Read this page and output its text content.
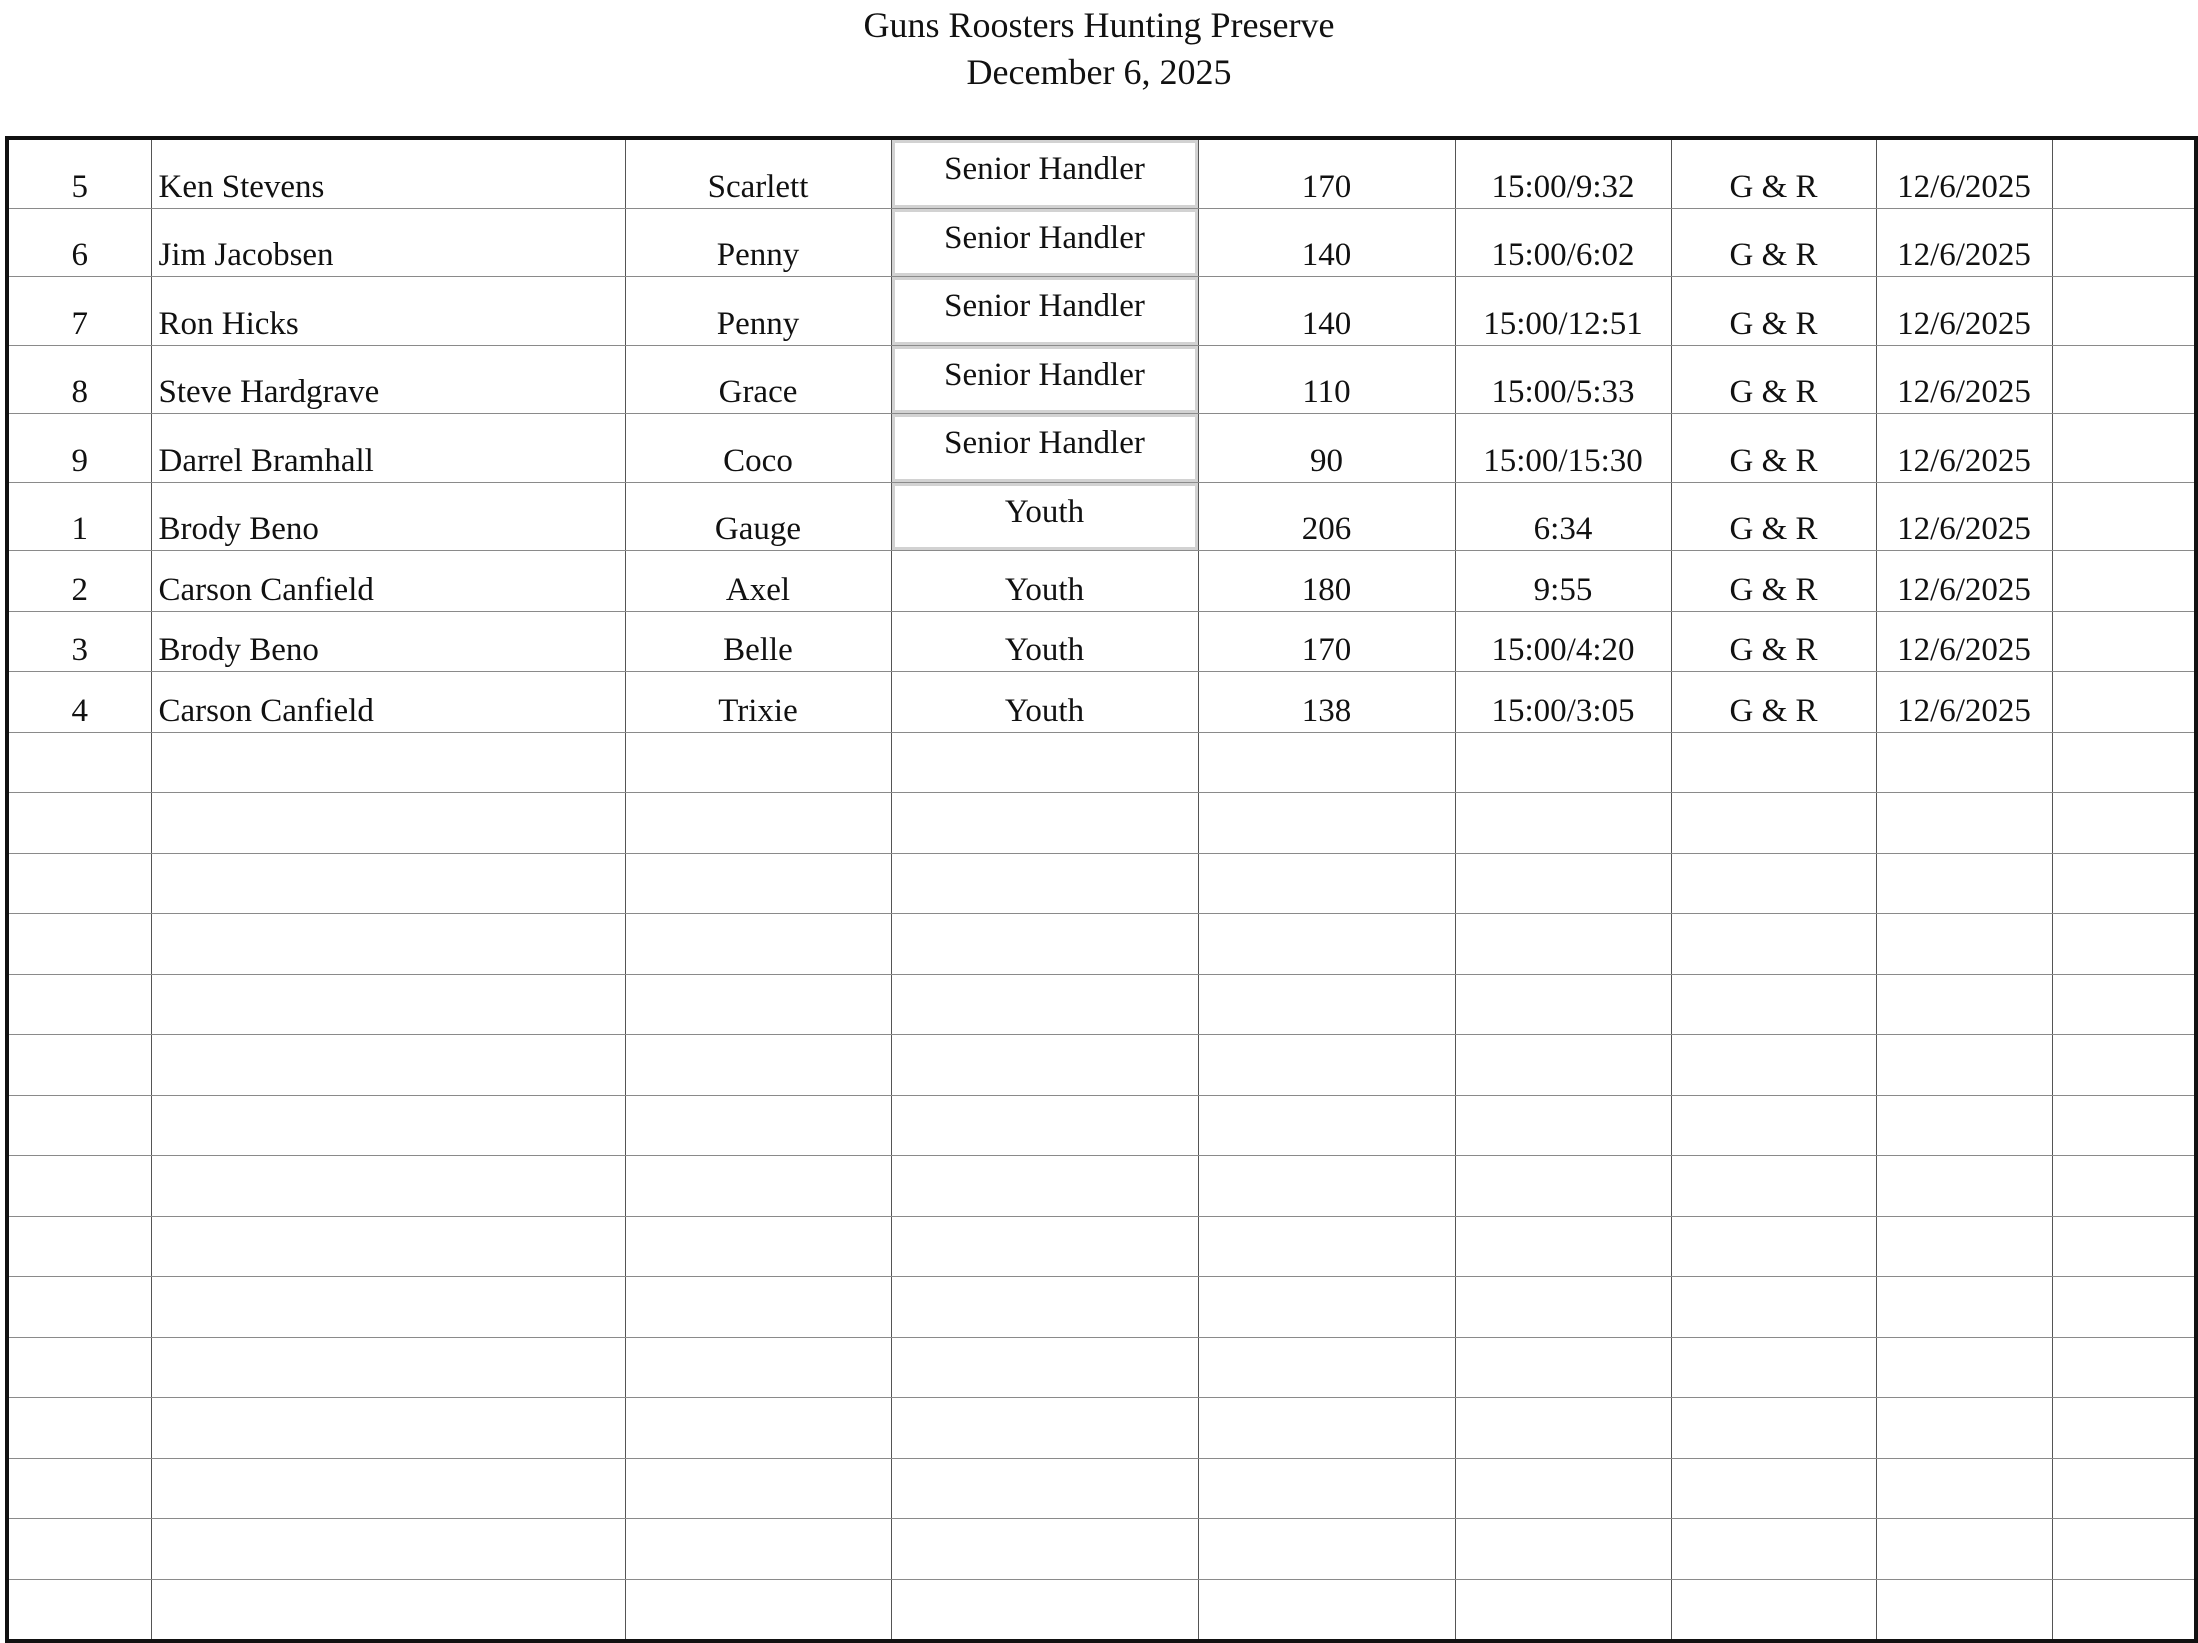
Guns Roosters Hunting Preserve
December 6, 2025
5	Ken Stevens	Scarlett	Senior Handler	170	15:00/9:32	G & R	12/6/2025	
6	Jim Jacobsen	Penny	Senior Handler	140	15:00/6:02	G & R	12/6/2025	
7	Ron Hicks	Penny	Senior Handler	140	15:00/12:51	G & R	12/6/2025	
8	Steve Hardgrave	Grace	Senior Handler	110	15:00/5:33	G & R	12/6/2025	
9	Darrel Bramhall	Coco	Senior Handler	90	15:00/15:30	G & R	12/6/2025	
1	Brody Beno	Gauge	Youth	206	6:34	G & R	12/6/2025	
2	Carson Canfield	Axel	Youth	180	9:55	G & R	12/6/2025	
3	Brody Beno	Belle	Youth	170	15:00/4:20	G & R	12/6/2025	
4	Carson Canfield	Trixie	Youth	138	15:00/3:05	G & R	12/6/2025	
